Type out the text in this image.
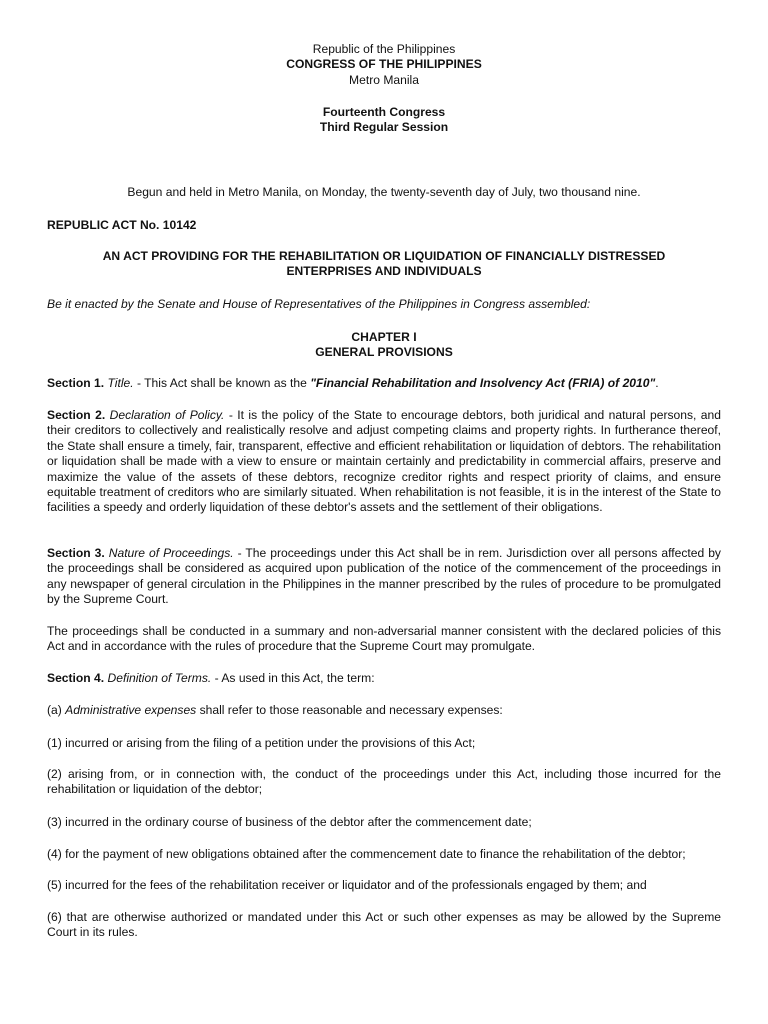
Republic of the Philippines
CONGRESS OF THE PHILIPPINES
Metro Manila
Fourteenth Congress
Third Regular Session

Begun and held in Metro Manila, on Monday, the twenty-seventh day of July, two thousand nine.

REPUBLIC ACT No. 10142

AN ACT PROVIDING FOR THE REHABILITATION OR LIQUIDATION OF FINANCIALLY DISTRESSED
ENTERPRISES AND INDIVIDUALS

Be it enacted by the Senate and House of Representatives of the Philippines in Congress assembled:

CHAPTER I
GENERAL PROVISIONS

Section 1. Title. - This Act shall be known as the "Financial Rehabilitation and Insolvency Act (FRIA) of 2010".

Section 2. Declaration of Policy. - It is the policy of the State to encourage debtors, both juridical and natural persons, and their creditors to collectively and realistically resolve and adjust competing claims and property rights. In furtherance thereof, the State shall ensure a timely, fair, transparent, effective and efficient rehabilitation or liquidation of debtors. The rehabilitation or liquidation shall be made with a view to ensure or maintain certainly and predictability in commercial affairs, preserve and maximize the value of the assets of these debtors, recognize creditor rights and respect priority of claims, and ensure equitable treatment of creditors who are similarly situated. When rehabilitation is not feasible, it is in the interest of the State to facilities a speedy and orderly liquidation of these debtor's assets and the settlement of their obligations.

Section 3. Nature of Proceedings. - The proceedings under this Act shall be in rem. Jurisdiction over all persons affected by the proceedings shall be considered as acquired upon publication of the notice of the commencement of the proceedings in any newspaper of general circulation in the Philippines in the manner prescribed by the rules of procedure to be promulgated by the Supreme Court.

The proceedings shall be conducted in a summary and non-adversarial manner consistent with the declared policies of this Act and in accordance with the rules of procedure that the Supreme Court may promulgate.

Section 4. Definition of Terms. - As used in this Act, the term:

(a) Administrative expenses shall refer to those reasonable and necessary expenses:

(1) incurred or arising from the filing of a petition under the provisions of this Act;

(2) arising from, or in connection with, the conduct of the proceedings under this Act, including those incurred for the rehabilitation or liquidation of the debtor;

(3) incurred in the ordinary course of business of the debtor after the commencement date;

(4) for the payment of new obligations obtained after the commencement date to finance the rehabilitation of the debtor;

(5) incurred for the fees of the rehabilitation receiver or liquidator and of the professionals engaged by them; and

(6) that are otherwise authorized or mandated under this Act or such other expenses as may be allowed by the Supreme Court in its rules.
